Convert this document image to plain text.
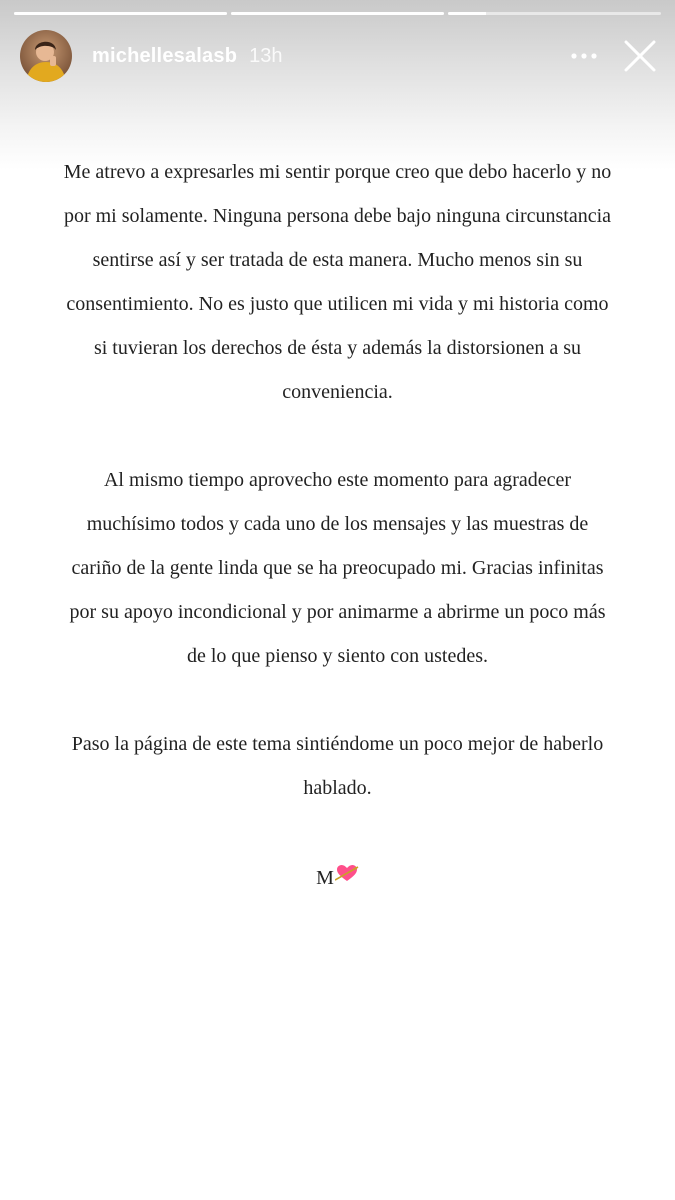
michellesalasb 13h

Me atrevo a expresarles mi sentir porque creo que debo hacerlo y no por mi solamente. Ninguna persona debe bajo ninguna circunstancia sentirse así y ser tratada de esta manera. Mucho menos sin su consentimiento. No es justo que utilicen mi vida y mi historia como si tuvieran los derechos de ésta y además la distorsionen a su conveniencia.

Al mismo tiempo aprovecho este momento para agradecer muchísimo todos y cada uno de los mensajes y las muestras de cariño de la gente linda que se ha preocupado mi. Gracias infinitas por su apoyo incondicional y por animarme a abrirme un poco más de lo que pienso y siento con ustedes.

Paso la página de este tema sintiéndome un poco mejor de haberlo hablado.

M
